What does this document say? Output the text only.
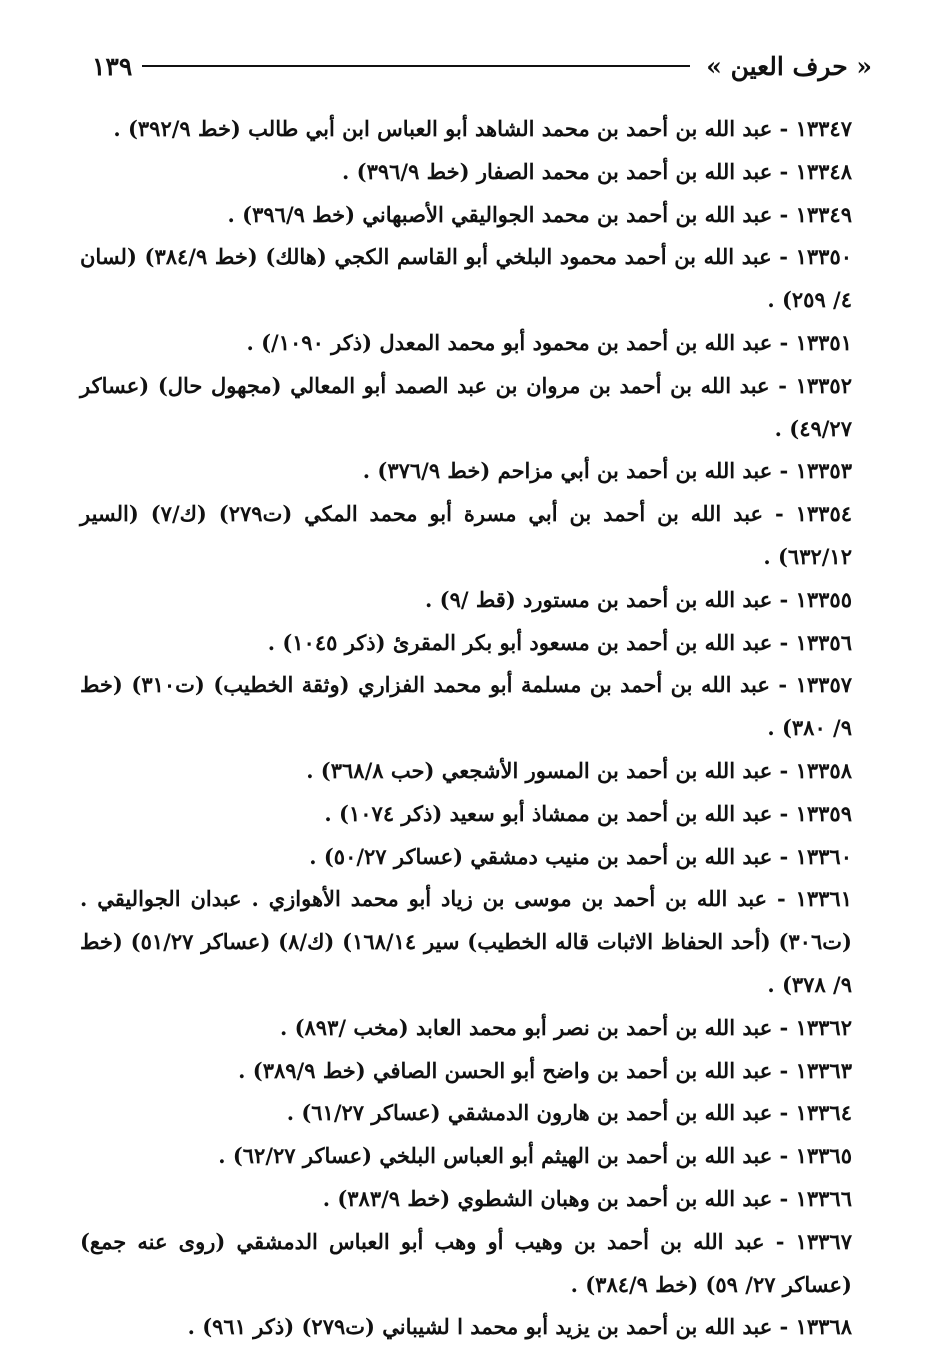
« حرف العين »
١٣٩

١٣٣٤٧ - عبد الله بن أحمد بن محمد الشاهد أبو العباس ابن أبي طالب (خط ٣٩٢/٩) .

١٣٣٤٨ - عبد الله بن أحمد بن محمد الصفار (خط ٣٩٦/٩) .

١٣٣٤٩ - عبد الله بن أحمد بن محمد الجواليقي الأصبهاني (خط ٣٩٦/٩) .

١٣٣٥٠ - عبد الله بن أحمد محمود البلخي أبو القاسم الكجي (هالك) (خط ٣٨٤/٩) (لسان ٤/ ٢٥٩) .

١٣٣٥١ - عبد الله بن أحمد بن محمود أبو محمد المعدل (ذكر ١٠٩٠/) .

١٣٣٥٢ - عبد الله بن أحمد بن مروان بن عبد الصمد أبو المعالي (مجهول حال) (عساكر ٤٩/٢٧) .

١٣٣٥٣ - عبد الله بن أحمد بن أبي مزاحم (خط ٣٧٦/٩) .

١٣٣٥٤ - عبد الله بن أحمد بن أبي مسرة أبو محمد المكي (ت٢٧٩) (ك/٧) (السير ٦٣٢/١٢) .

١٣٣٥٥ - عبد الله بن أحمد بن مستورد (قط /٩) .

١٣٣٥٦ - عبد الله بن أحمد بن مسعود أبو بكر المقرئ (ذكر ١٠٤٥) .

١٣٣٥٧ - عبد الله بن أحمد بن مسلمة أبو محمد الفزاري (وثقة الخطيب) (ت٣١٠) (خط ٩/ ٣٨٠) .

١٣٣٥٨ - عبد الله بن أحمد بن المسور الأشجعي (حب ٣٦٨/٨) .

١٣٣٥٩ - عبد الله بن أحمد بن ممشاذ أبو سعيد (ذكر ١٠٧٤) .

١٣٣٦٠ - عبد الله بن أحمد بن منيب دمشقي (عساكر ٥٠/٢٧) .

١٣٣٦١ - عبد الله بن أحمد بن موسى بن زياد أبو محمد الأهوازي . عبدان الجواليقي . (ت٣٠٦) (أحد الحفاظ الاثبات قاله الخطيب) سير ١٦٨/١٤) (ك/٨) (عساكر ٥١/٢٧) (خط ٩/ ٣٧٨) .

١٣٣٦٢ - عبد الله بن أحمد بن نصر أبو محمد العابد (مخب /٨٩٣) .

١٣٣٦٣ - عبد الله بن أحمد بن واضح أبو الحسن الصافي (خط ٣٨٩/٩) .

١٣٣٦٤ - عبد الله بن أحمد بن هارون الدمشقي (عساكر ٦١/٢٧) .

١٣٣٦٥ - عبد الله بن أحمد بن الهيثم أبو العباس البلخي (عساكر ٦٢/٢٧) .

١٣٣٦٦ - عبد الله بن أحمد بن وهبان الشطوي (خط ٣٨٣/٩) .

١٣٣٦٧ - عبد الله بن أحمد بن وهيب أو وهب أبو العباس الدمشقي (روى عنه جمع) (عساكر ٢٧/ ٥٩) (خط ٣٨٤/٩) .

١٣٣٦٨ - عبد الله بن أحمد بن يزيد أبو محمد ا لشيباني (ت٢٧٩) (ذكر ٩٦١) .
